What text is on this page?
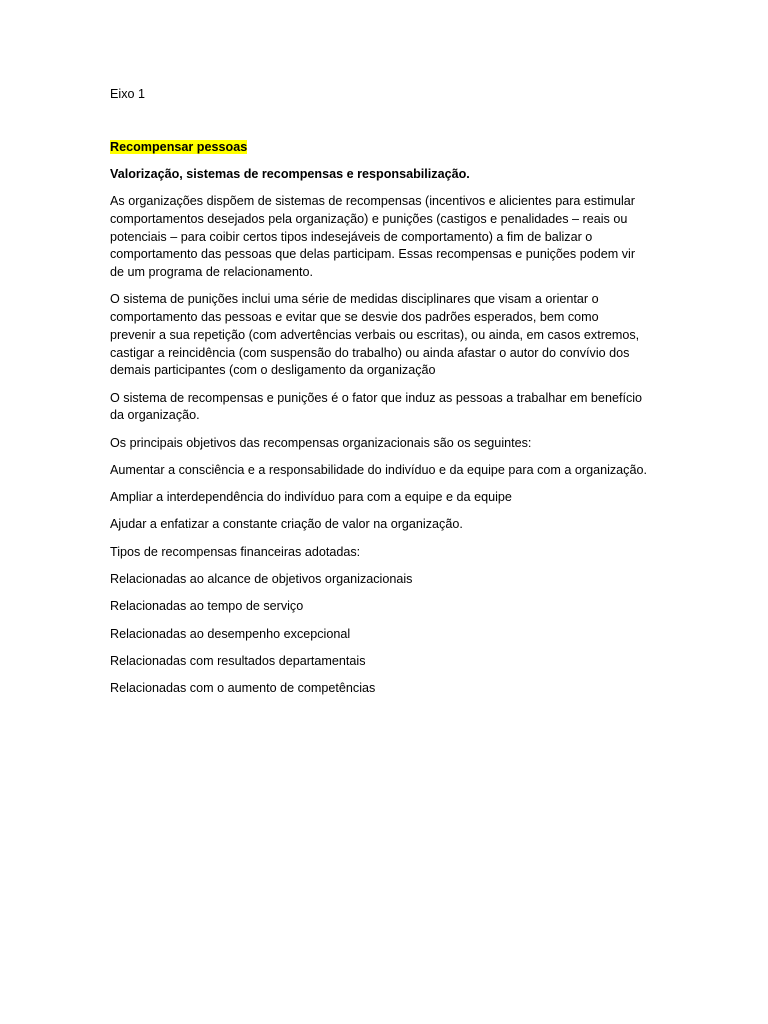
Eixo 1

Recompensar pessoas

Valorização, sistemas de recompensas e responsabilização.

As organizações dispõem de sistemas de recompensas (incentivos e alicientes para estimular
comportamentos desejados pela organização) e punições (castigos e penalidades – reais ou
potenciais – para coibir certos tipos indesejáveis de comportamento) a fim de balizar o
comportamento das pessoas que delas participam. Essas recompensas e punições podem vir
de um programa de relacionamento.

O sistema de punições inclui uma série de medidas disciplinares que visam a orientar o
comportamento das pessoas e evitar que se desvie dos padrões esperados, bem como
prevenir a sua repetição (com advertências verbais ou escritas), ou ainda, em casos extremos,
castigar a reincidência (com suspensão do trabalho) ou ainda afastar o autor do convívio dos
demais participantes (com o desligamento da organização

O sistema de recompensas e punições é o fator que induz as pessoas a trabalhar em benefício
da organização.

Os principais objetivos das recompensas organizacionais são os seguintes:

Aumentar a consciência e a responsabilidade do indivíduo e da equipe para com a organização.

Ampliar a interdependência do indivíduo para com a equipe e da equipe

Ajudar a enfatizar a constante criação de valor na organização.

Tipos de recompensas financeiras adotadas:

Relacionadas ao alcance de objetivos organizacionais

Relacionadas ao tempo de serviço

Relacionadas ao desempenho excepcional

Relacionadas com resultados departamentais

Relacionadas com o aumento de competências
